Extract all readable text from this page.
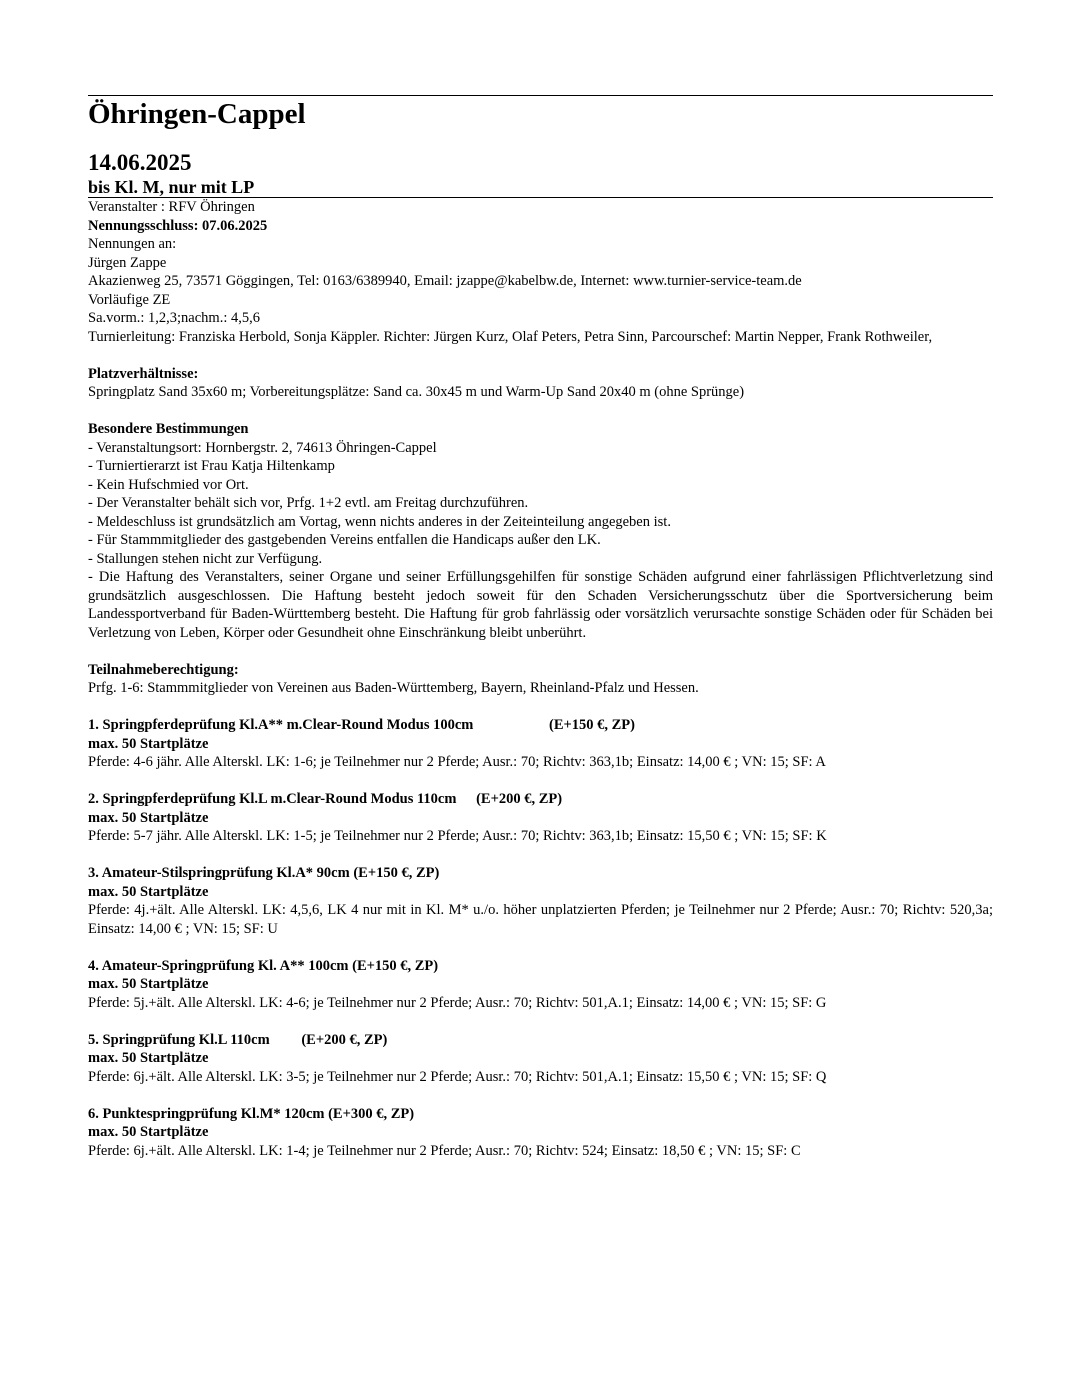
Öhringen-Cappel
14.06.2025
bis Kl. M, nur mit LP
Veranstalter : RFV Öhringen
Nennungsschluss: 07.06.2025
Nennungen an:
Jürgen Zappe
Akazienweg 25, 73571 Göggingen, Tel: 0163/6389940, Email: jzappe@kabelbw.de, Internet: www.turnier-service-team.de
Vorläufige ZE
Sa.vorm.: 1,2,3;nachm.: 4,5,6
Turnierleitung: Franziska Herbold, Sonja Käppler. Richter: Jürgen Kurz, Olaf Peters, Petra Sinn, Parcourschef: Martin Nepper, Frank Rothweiler,
Platzverhältnisse:
Springplatz Sand 35x60 m; Vorbereitungsplätze: Sand ca. 30x45 m und Warm-Up Sand 20x40 m (ohne Sprünge)
Besondere Bestimmungen
- Veranstaltungsort: Hornbergstr. 2, 74613 Öhringen-Cappel
- Turniertierarzt ist Frau Katja Hiltenkamp
- Kein Hufschmied vor Ort.
- Der Veranstalter behält sich vor, Prfg. 1+2 evtl. am Freitag durchzuführen.
- Meldeschluss ist grundsätzlich am Vortag, wenn nichts anderes in der Zeiteinteilung angegeben ist.
- Für Stammmitglieder des gastgebenden Vereins entfallen die Handicaps außer den LK.
- Stallungen stehen nicht zur Verfügung.
- Die Haftung des Veranstalters, seiner Organe und seiner Erfüllungsgehilfen für sonstige Schäden aufgrund einer fahrlässigen Pflichtverletzung sind grundsätzlich ausgeschlossen. Die Haftung besteht jedoch soweit für den Schaden Versicherungsschutz über die Sportversicherung beim Landessportverband für Baden-Württemberg besteht. Die Haftung für grob fahrlässig oder vorsätzlich verursachte sonstige Schäden oder für Schäden bei Verletzung von Leben, Körper oder Gesundheit ohne Einschränkung bleibt unberührt.
Teilnahmeberechtigung:
Prfg. 1-6: Stammmitglieder von Vereinen aus Baden-Württemberg, Bayern, Rheinland-Pfalz und Hessen.
1. Springpferdeprüfung Kl.A** m.Clear-Round Modus 100cm	(E+150 €, ZP)
max. 50 Startplätze
Pferde: 4-6 jähr. Alle Alterskl. LK: 1-6; je Teilnehmer nur 2 Pferde; Ausr.: 70; Richtv: 363,1b; Einsatz: 14,00 € ; VN: 15; SF: A
2. Springpferdeprüfung Kl.L m.Clear-Round Modus 110cm (E+200 €, ZP)
max. 50 Startplätze
Pferde: 5-7 jähr. Alle Alterskl. LK: 1-5; je Teilnehmer nur 2 Pferde; Ausr.: 70; Richtv: 363,1b; Einsatz: 15,50 € ; VN: 15; SF: K
3. Amateur-Stilspringprüfung Kl.A* 90cm (E+150 €, ZP)
max. 50 Startplätze
Pferde: 4j.+ält. Alle Alterskl. LK: 4,5,6, LK 4 nur mit in Kl. M* u./o. höher unplatzierten Pferden; je Teilnehmer nur 2 Pferde; Ausr.: 70; Richtv: 520,3a; Einsatz: 14,00 € ; VN: 15; SF: U
4. Amateur-Springprüfung Kl. A** 100cm (E+150 €, ZP)
max. 50 Startplätze
Pferde: 5j.+ält. Alle Alterskl. LK: 4-6; je Teilnehmer nur 2 Pferde; Ausr.: 70; Richtv: 501,A.1; Einsatz: 14,00 € ; VN: 15; SF: G
5. Springprüfung Kl.L 110cm (E+200 €, ZP)
max. 50 Startplätze
Pferde: 6j.+ält. Alle Alterskl. LK: 3-5; je Teilnehmer nur 2 Pferde; Ausr.: 70; Richtv: 501,A.1; Einsatz: 15,50 € ; VN: 15; SF: Q
6. Punktespringprüfung Kl.M* 120cm (E+300 €, ZP)
max. 50 Startplätze
Pferde: 6j.+ält. Alle Alterskl. LK: 1-4; je Teilnehmer nur 2 Pferde; Ausr.: 70; Richtv: 524; Einsatz: 18,50 € ; VN: 15; SF: C
